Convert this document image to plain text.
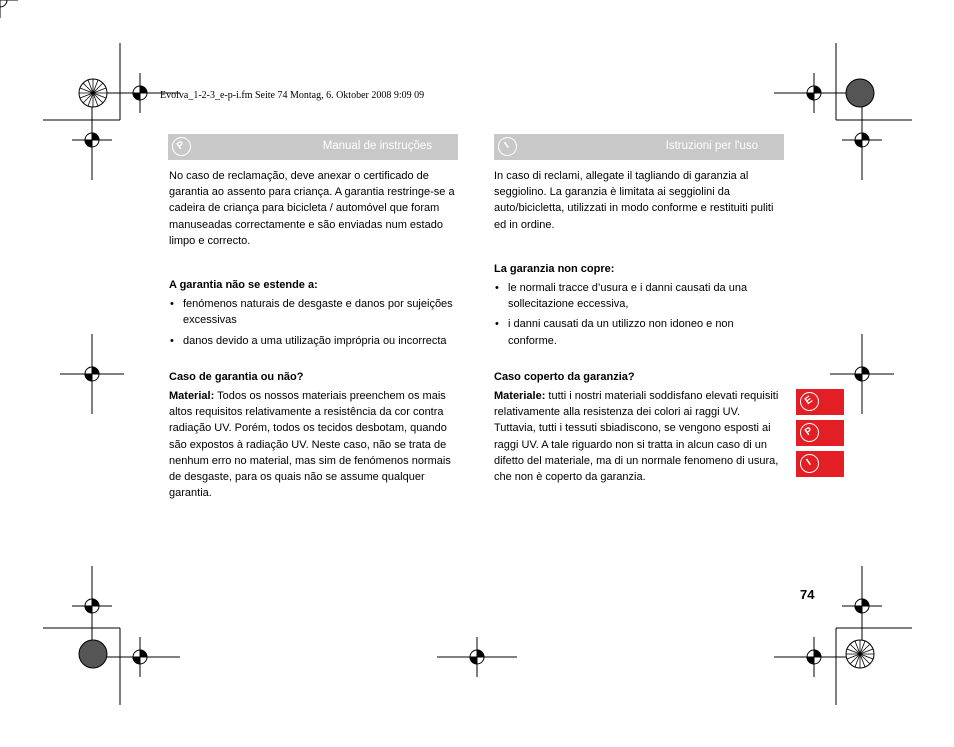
Evolva_1-2-3_e-p-i.fm Seite 74 Montag, 6. Oktober 2008 9:09 09
P	Manual de instruções

No caso de reclamação, deve anexar o certificado de garantia ao assento para criança. A garantia restringe-se a cadeira de criança para bicicleta / automóvel que foram manuseadas correctamente e são enviadas num estado limpo e correcto.

A garantia não se estende a:

• fenómenos naturais de desgaste e danos por sujeições excessivas
• danos devido a uma utilização imprópria ou incorrecta

Caso de garantia ou não?

Material: Todos os nossos materiais preenchem os mais altos requisitos relativamente a resistência da cor contra radiação UV. Porém, todos os tecidos desbotam, quando são expostos à radiação UV. Neste caso, não se trata de nenhum erro no material, mas sim de fenómenos normais de desgaste, para os quais não se assume qualquer garantia.

I	Istruzioni per l'uso

In caso di reclami, allegate il tagliando di garanzia al seggiolino. La garanzia è limitata ai seggiolini da auto/bicicletta, utilizzati in modo conforme e restituiti puliti ed in ordine.

La garanzia non copre:

• le normali tracce d’usura e i danni causati da una sollecitazione eccessiva,
• i danni causati da un utilizzo non idoneo e non conforme.

Caso coperto da garanzia?

Materiale: tutti i nostri materiali soddisfano elevati requisiti relativamente alla resistenza dei colori ai raggi UV. Tuttavia, tutti i tessuti sbiadiscono, se vengono esposti ai raggi UV. A tale riguardo non si tratta in alcun caso di un difetto del materiale, ma di un normale fenomeno di usura, che non è coperto da garanzia.

E
P
I
74
